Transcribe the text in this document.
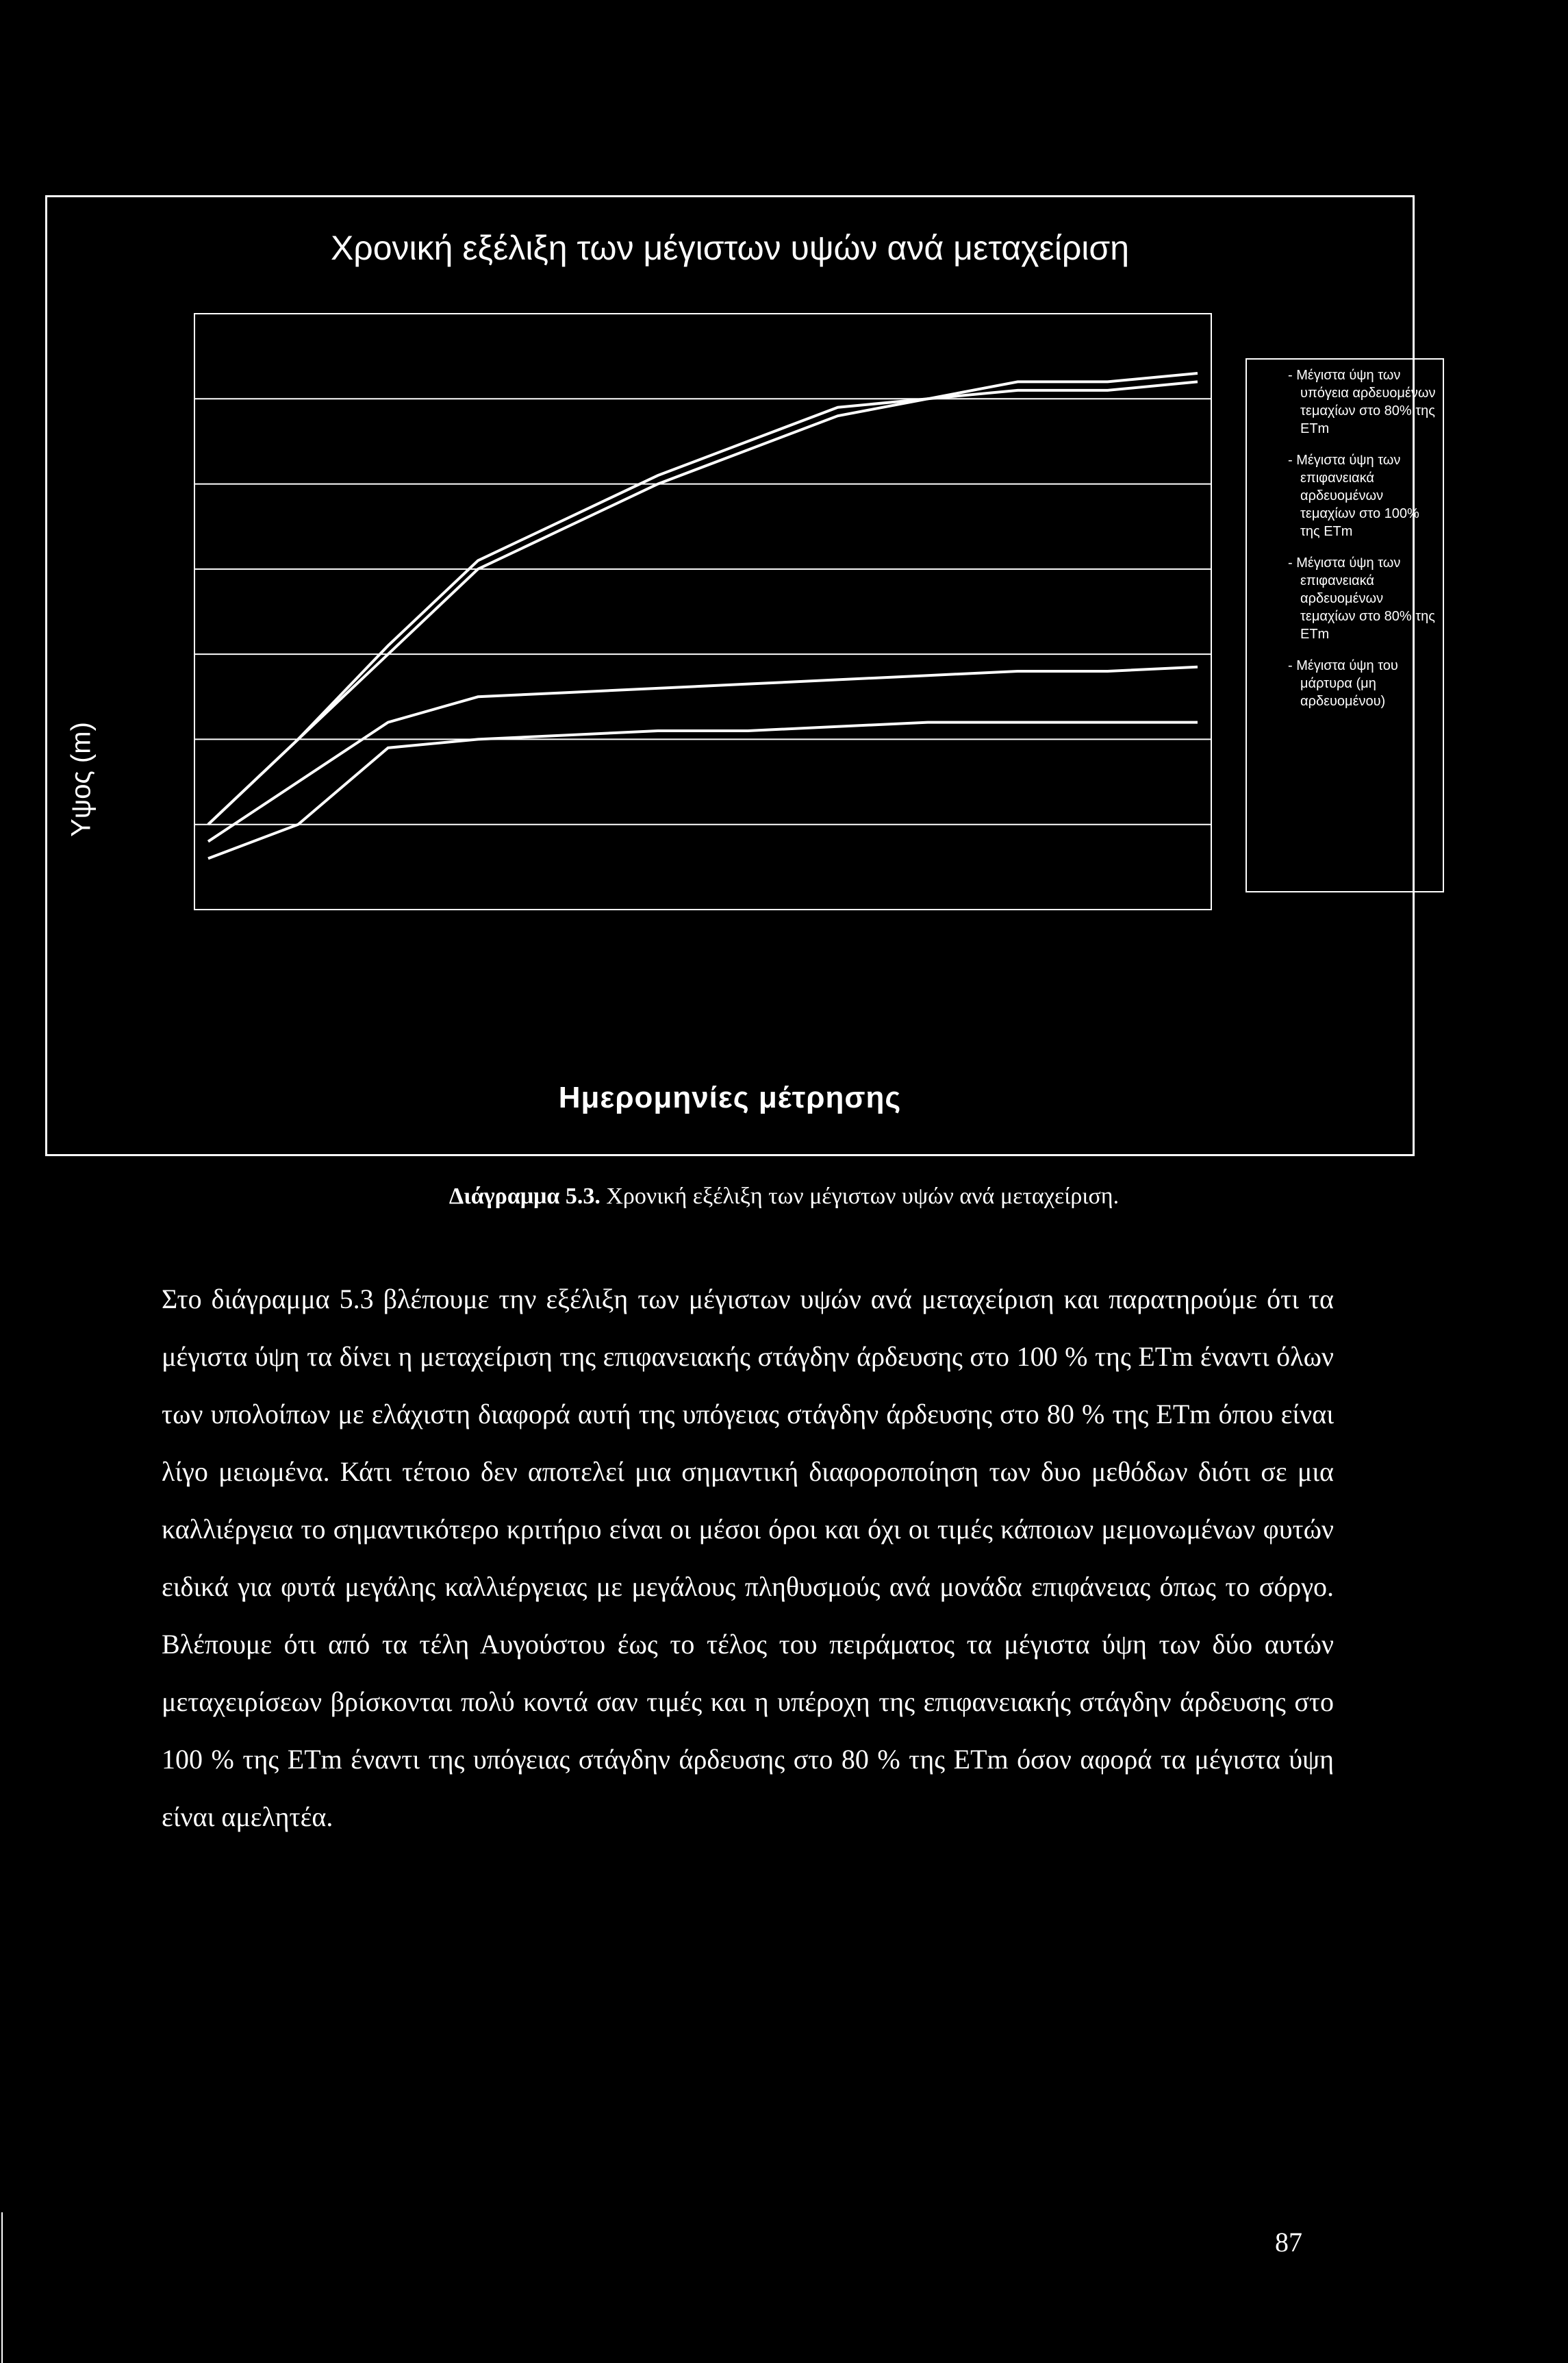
Χρονική εξέλιξη των μέγιστων υψών ανά μεταχείριση
Υψος (m)
- Μέγιστα ύψη των υπόγεια αρδευομένων τεμαχίων στο 80% της ETm
- Μέγιστα ύψη των επιφανειακά αρδευομένων τεμαχίων στο 100% της ETm
- Μέγιστα ύψη των επιφανειακά αρδευομένων τεμαχίων στο 80% της ETm
- Μέγιστα ύψη του μάρτυρα (μη αρδευομένου)
Ημερομηνίες μέτρησης
Διάγραμμα 5.3. Χρονική εξέλιξη των μέγιστων υψών ανά μεταχείριση.
Στο διάγραμμα 5.3 βλέπουμε την εξέλιξη των μέγιστων υψών ανά μεταχείριση και παρατηρούμε ότι τα μέγιστα ύψη τα δίνει η μεταχείριση της επιφανειακής στάγδην άρδευσης στο 100 % της ETm έναντι όλων των υπολοίπων με ελάχιστη διαφορά αυτή της υπόγειας στάγδην άρδευσης στο 80 % της ETm όπου είναι λίγο μειωμένα. Κάτι τέτοιο δεν αποτελεί μια σημαντική διαφοροποίηση των δυο μεθόδων διότι σε μια καλλιέργεια το σημαντικότερο κριτήριο είναι οι μέσοι όροι και όχι οι τιμές κάποιων μεμονωμένων φυτών ειδικά για φυτά μεγάλης καλλιέργειας με μεγάλους πληθυσμούς ανά μονάδα επιφάνειας όπως το σόργο. Βλέπουμε ότι από τα τέλη Αυγούστου έως το τέλος του πειράματος τα μέγιστα ύψη των δύο αυτών μεταχειρίσεων βρίσκονται πολύ κοντά σαν τιμές και η υπέροχη της επιφανειακής στάγδην άρδευσης στο 100 % της ETm έναντι της υπόγειας στάγδην άρδευσης στο 80 % της ETm όσον αφορά τα μέγιστα ύψη είναι αμελητέα.
87
